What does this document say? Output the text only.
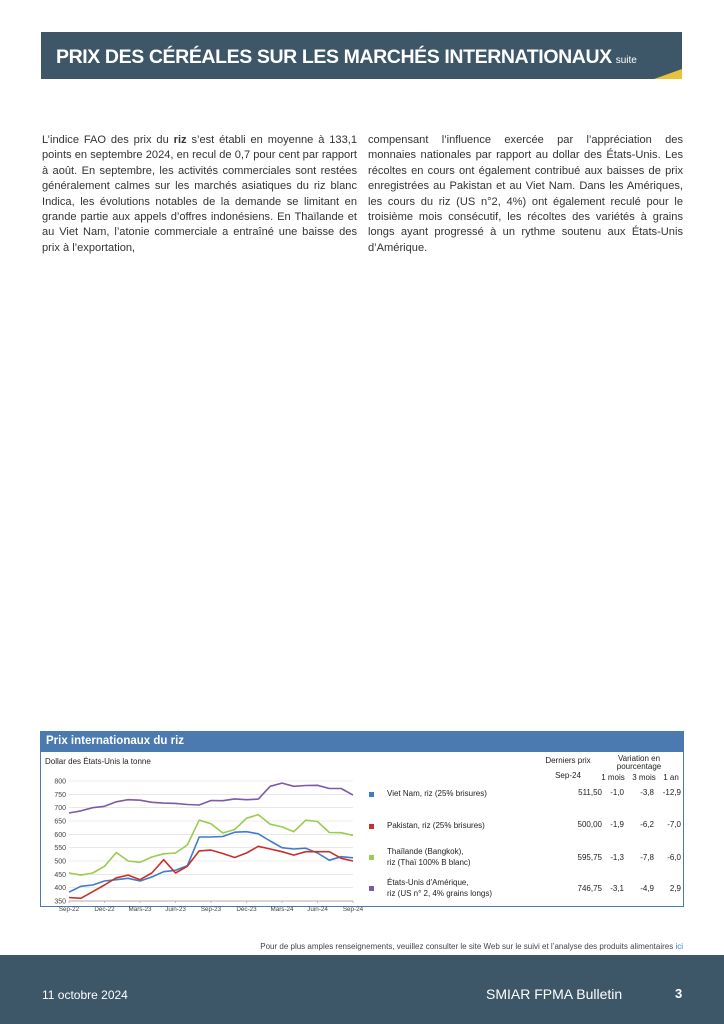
PRIX DES CÉRÉALES SUR LES MARCHÉS INTERNATIONAUX suite

L’indice FAO des prix du riz s’est établi en moyenne à 133,1 points en septembre 2024, en recul de 0,7 pour cent par rapport à août. En septembre, les activités commerciales sont restées généralement calmes sur les marchés asiatiques du riz blanc Indica, les évolutions notables de la demande se limitant en grande partie aux appels d’offres indonésiens. En Thaïlande et au Viet Nam, l’atonie commerciale a entraîné une baisse des prix à l’exportation,

compensant l’influence exercée par l’appréciation des monnaies nationales par rapport au dollar des États-Unis. Les récoltes en cours ont également contribué aux baisses de prix enregistrées au Pakistan et au Viet Nam. Dans les Amériques, les cours du riz (US n°2, 4%) ont également reculé pour le troisième mois consécutif, les récoltes des variétés à grains longs ayant progressé à un rythme soutenu aux États-Unis d’Amérique.

Prix internationaux du riz
Dollar des États-Unis la tonne
800
750
700
650
600
550
500
450
400
350
Sep-22 Déc-22 Mars-23 Juin-23 Sep-23 Déc-23 Mars-24 Juin-24 Sep-24
Derniers prix
Sep-24
Variation en
pourcentage
1 mois 3 mois 1 an
Viet Nam, riz (25% brisures)	511,50	-1,0	-3,8	-12,9
Pakistan, riz (25% brisures)	500,00	-1,9	-6,2	-7,0
Thaïlande (Bangkok),
riz (Thaï 100% B blanc)
595,75	-1,3	-7,8	-6,0
États-Unis d'Amérique,
riz (US n° 2, 4% grains longs)
746,75	-3,1	-4,9	2,9
Pour de plus amples renseignements, veuillez consulter le site Web sur le suivi et l’analyse des produits alimentaires ici
11 octobre 2024	SMIAR FPMA Bulletin	3
